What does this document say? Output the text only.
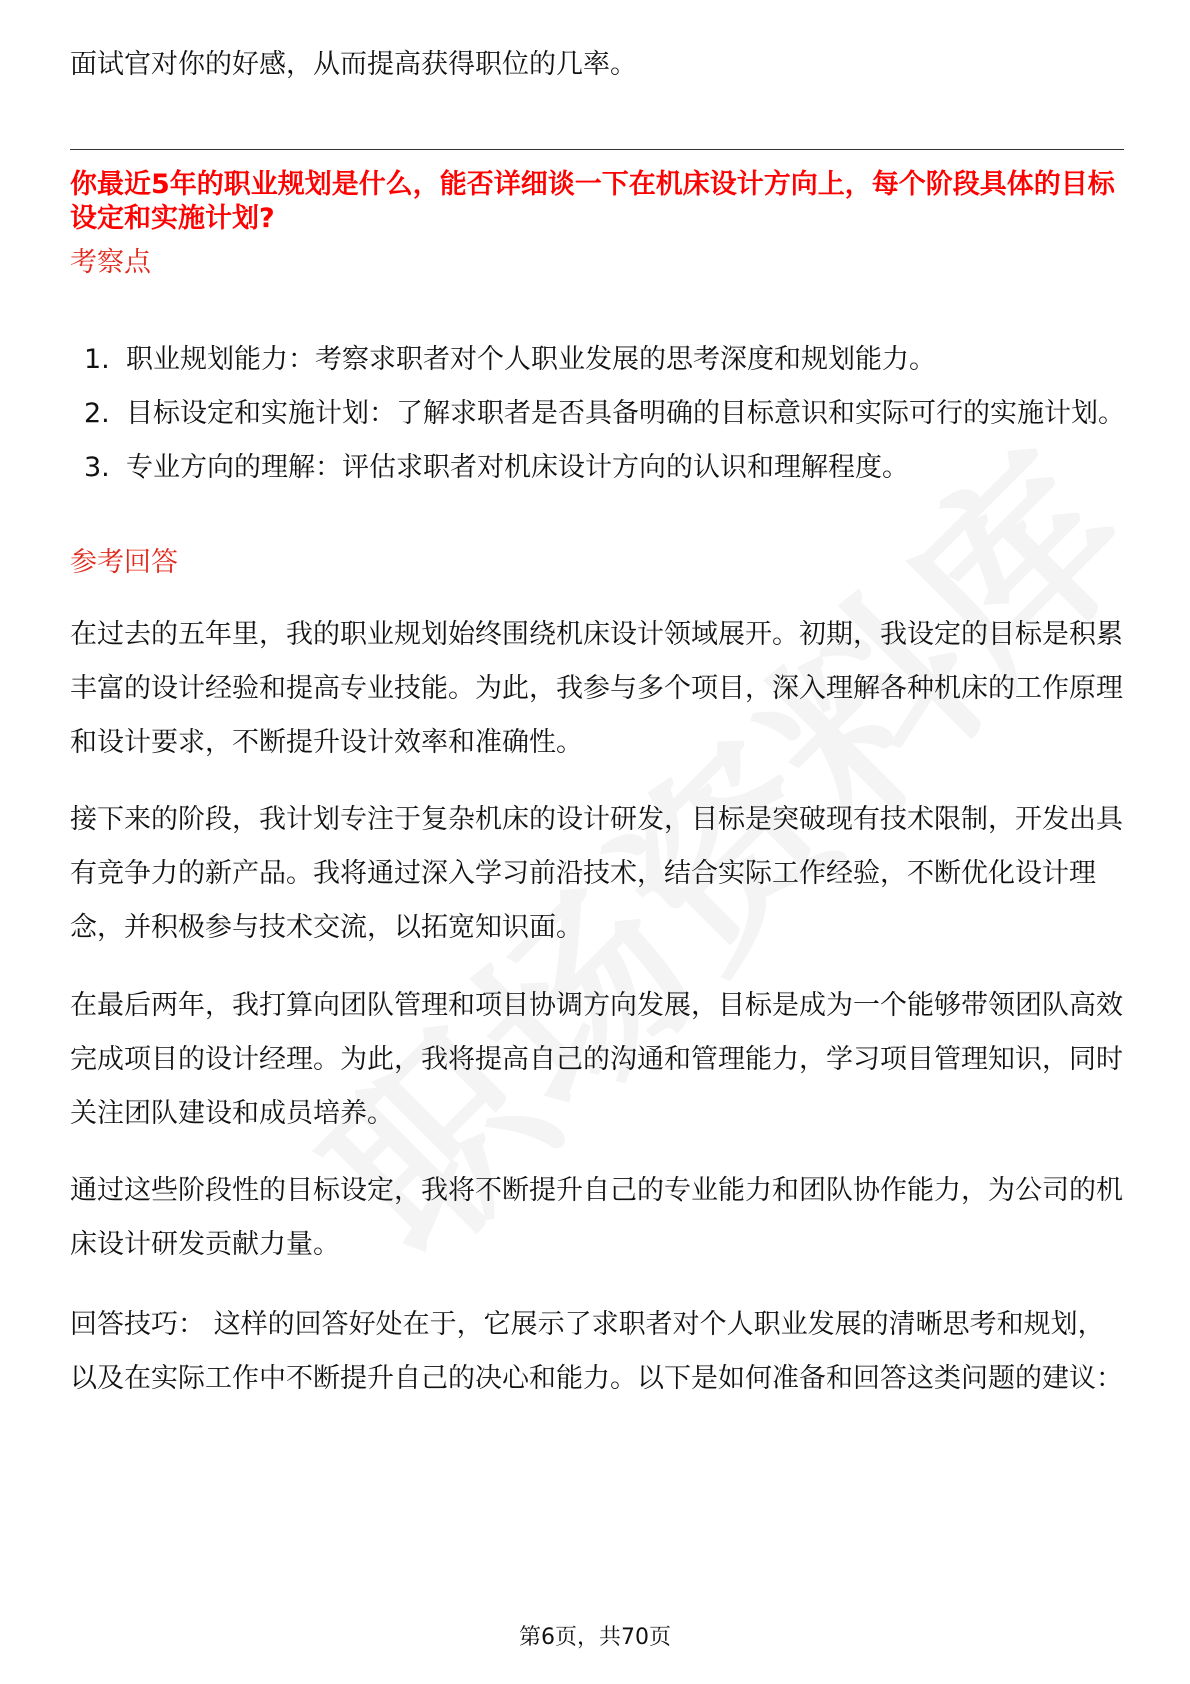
面试官对你的好感，从而提高获得职位的几率。

你最近5年的职业规划是什么，能否详细谈一下在机床设计方向上，每个阶段具体的目标设定和实施计划?

考察点
1. 职业规划能力：考察求职者对个人职业发展的思考深度和规划能力。
2. 目标设定和实施计划：了解求职者是否具备明确的目标意识和实际可行的实施计划。
3. 专业方向的理解：评估求职者对机床设计方向的认识和理解程度。
参考回答

在过去的五年里，我的职业规划始终围绕机床设计领域展开。初期，我设定的目标是积累丰富的设计经验和提高专业技能。为此，我参与多个项目，深入理解各种机床的工作原理和设计要求，不断提升设计效率和准确性。

接下来的阶段，我计划专注于复杂机床的设计研发，目标是突破现有技术限制，开发出具有竞争力的新产品。我将通过深入学习前沿技术，结合实际工作经验，不断优化设计理念，并积极参与技术交流，以拓宽知识面。

在最后两年，我打算向团队管理和项目协调方向发展，目标是成为一个能够带领团队高效完成项目的设计经理。为此，我将提高自己的沟通和管理能力，学习项目管理知识，同时关注团队建设和成员培养。

通过这些阶段性的目标设定，我将不断提升自己的专业能力和团队协作能力，为公司的机床设计研发贡献力量。

回答技巧： 这样的回答好处在于，它展示了求职者对个人职业发展的清晰思考和规划，以及在实际工作中不断提升自己的决心和能力。以下是如何准备和回答这类问题的建议：

第6页，共70页
